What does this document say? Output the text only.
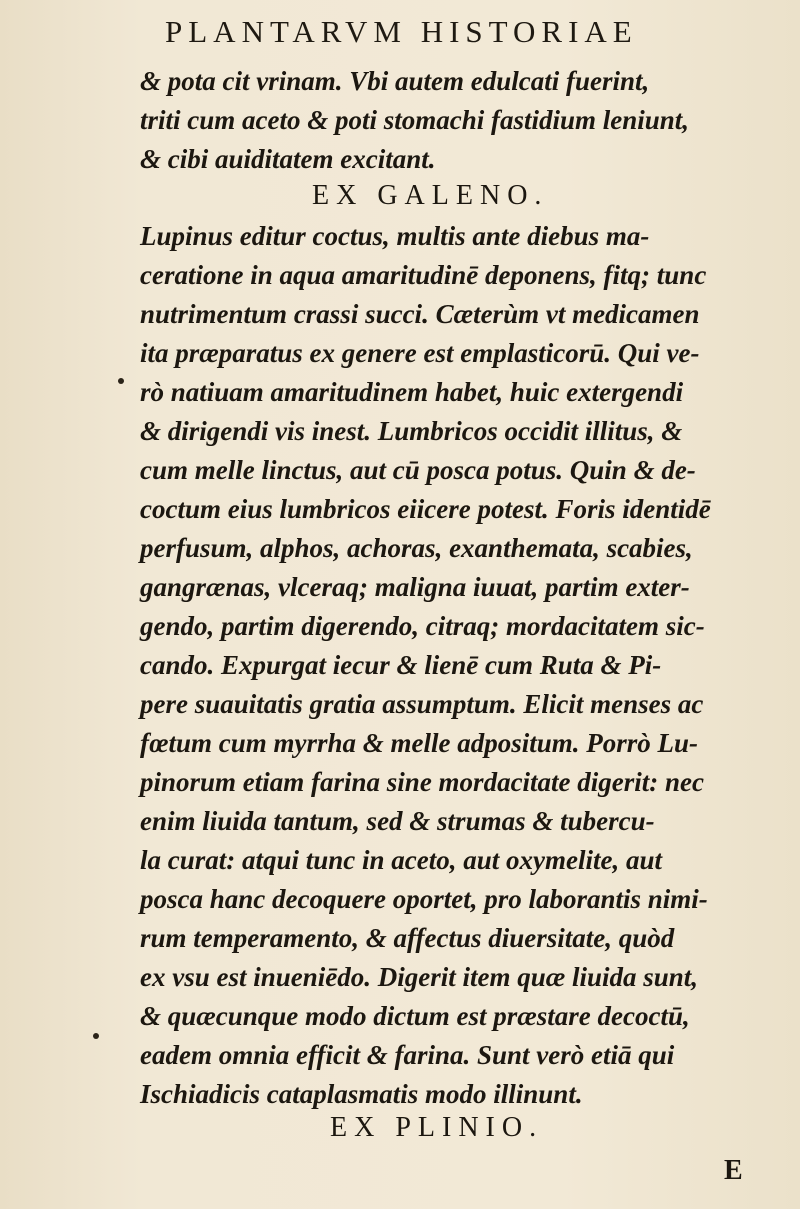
PLANTARVM HISTORIAE
& pota cit vrinam. Vbi autem edulcati fuerint,
triti cum aceto & poti stomachi fastidium leniunt,
& cibi auiditatem excitant.
EX GALENO.
Lupinus editur coctus, multis ante diebus ma-
ceratione in aqua amaritudinē deponens, fitq; tunc
nutrimentum crassi succi. Cæterùm vt medicamen
ita præparatus ex genere est emplasticorū. Qui ve-
rò natiuam amaritudinem habet, huic extergendi
& dirigendi vis inest. Lumbricos occidit illitus, &
cum melle linctus, aut cū posca potus. Quin & de-
coctum eius lumbricos eiicere potest. Foris identidē
perfusum, alphos, achoras, exanthemata, scabies,
gangrænas, vlceraq; maligna iuuat, partim exter-
gendo, partim digerendo, citraq; mordacitatem sic-
cando. Expurgat iecur & lienē cum Ruta & Pi-
pere suauitatis gratia assumptum. Elicit menses ac
fœtum cum myrrha & melle adpositum. Porrò Lu-
pinorum etiam farina sine mordacitate digerit: nec
enim liuida tantum, sed & strumas & tubercu-
la curat: atqui tunc in aceto, aut oxymelite, aut
posca hanc decoquere oportet, pro laborantis nimi-
rum temperamento, & affectus diuersitate, quòd
ex vsu est inueniēdo. Digerit item quæ liuida sunt,
& quæcunque modo dictum est præstare decoctū,
eadem omnia efficit & farina. Sunt verò etiā qui
Ischiadicis cataplasmatis modo illinunt.
EX PLINIO.
E
